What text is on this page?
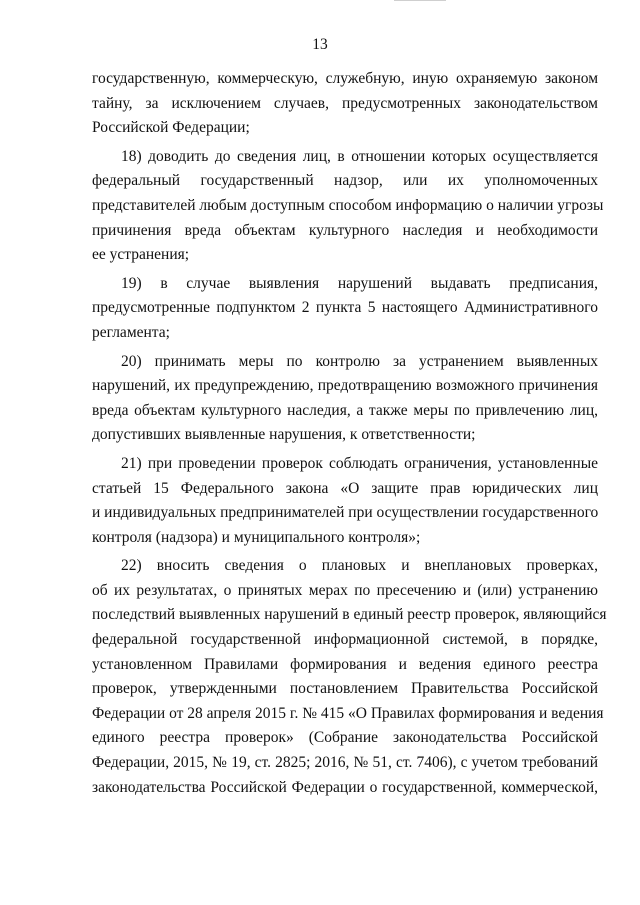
13
государственную, коммерческую, служебную, иную охраняемую законом
тайну, за исключением случаев, предусмотренных законодательством
Российской Федерации;
18) доводить до сведения лиц, в отношении которых осуществляется
федеральный государственный надзор, или их уполномоченных
представителей любым доступным способом информацию о наличии угрозы
причинения вреда объектам культурного наследия и необходимости
ее устранения;
19) в случае выявления нарушений выдавать предписания,
предусмотренные подпунктом 2 пункта 5 настоящего Административного
регламента;
20) принимать меры по контролю за устранением выявленных
нарушений, их предупреждению, предотвращению возможного причинения
вреда объектам культурного наследия, а также меры по привлечению лиц,
допустивших выявленные нарушения, к ответственности;
21) при проведении проверок соблюдать ограничения, установленные
статьей 15 Федерального закона «О защите прав юридических лиц
и индивидуальных предпринимателей при осуществлении государственного
контроля (надзора) и муниципального контроля»;
22) вносить сведения о плановых и внеплановых проверках,
об их результатах, о принятых мерах по пресечению и (или) устранению
последствий выявленных нарушений в единый реестр проверок, являющийся
федеральной государственной информационной системой, в порядке,
установленном Правилами формирования и ведения единого реестра
проверок, утвержденными постановлением Правительства Российской
Федерации от 28 апреля 2015 г. № 415 «О Правилах формирования и ведения
единого реестра проверок» (Собрание законодательства Российской
Федерации, 2015, № 19, ст. 2825; 2016, № 51, ст. 7406), с учетом требований
законодательства Российской Федерации о государственной, коммерческой,
